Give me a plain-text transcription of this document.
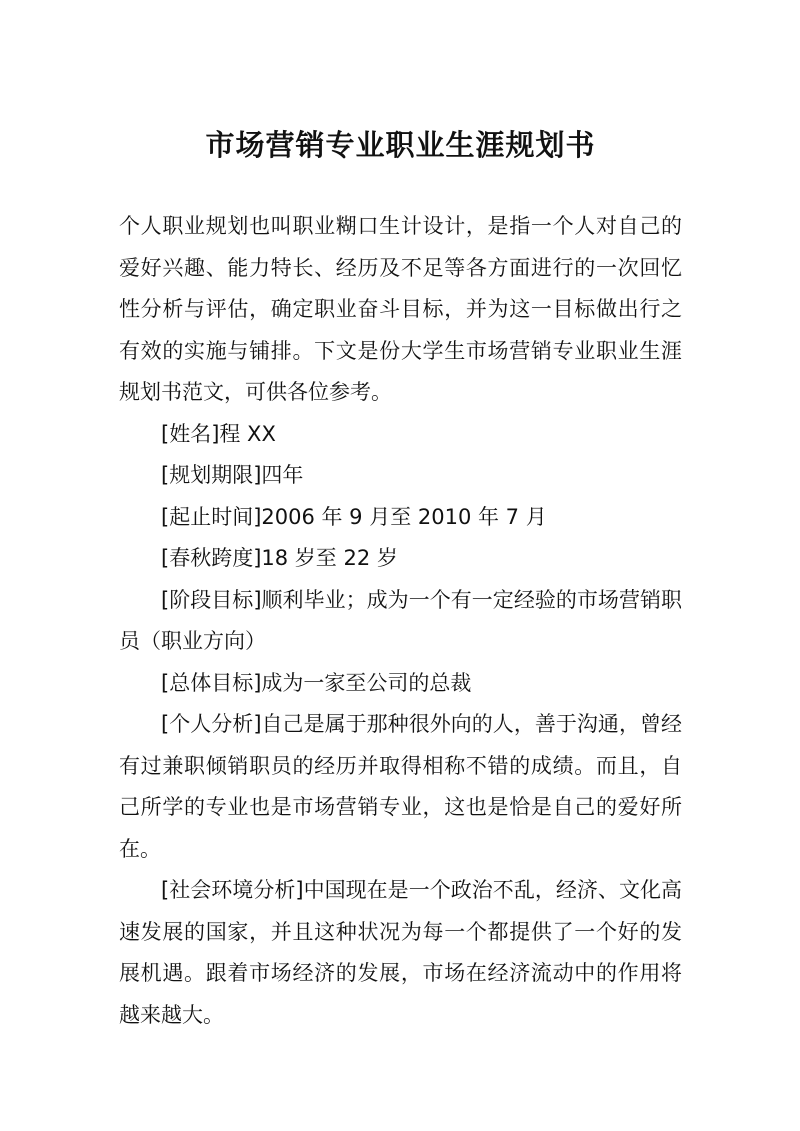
市场营销专业职业生涯规划书

个人职业规划也叫职业糊口生计设计，是指一个人对自己的爱好兴趣、能力特长、经历及不足等各方面进行的一次回忆性分析与评估，确定职业奋斗目标，并为这一目标做出行之有效的实施与铺排。下文是份大学生市场营销专业职业生涯规划书范文，可供各位参考。

[姓名]程 XX

[规划期限]四年

[起止时间]2006 年 9 月至 2010 年 7 月

[春秋跨度]18 岁至 22 岁

[阶段目标]顺利毕业；成为一个有一定经验的市场营销职员（职业方向）

[总体目标]成为一家至公司的总裁

[个人分析]自己是属于那种很外向的人，善于沟通，曾经有过兼职倾销职员的经历并取得相称不错的成绩。而且，自己所学的专业也是市场营销专业，这也是恰是自己的爱好所在。

[社会环境分析]中国现在是一个政治不乱，经济、文化高速发展的国家，并且这种状况为每一个都提供了一个好的发展机遇。跟着市场经济的发展，市场在经济流动中的作用将越来越大。
